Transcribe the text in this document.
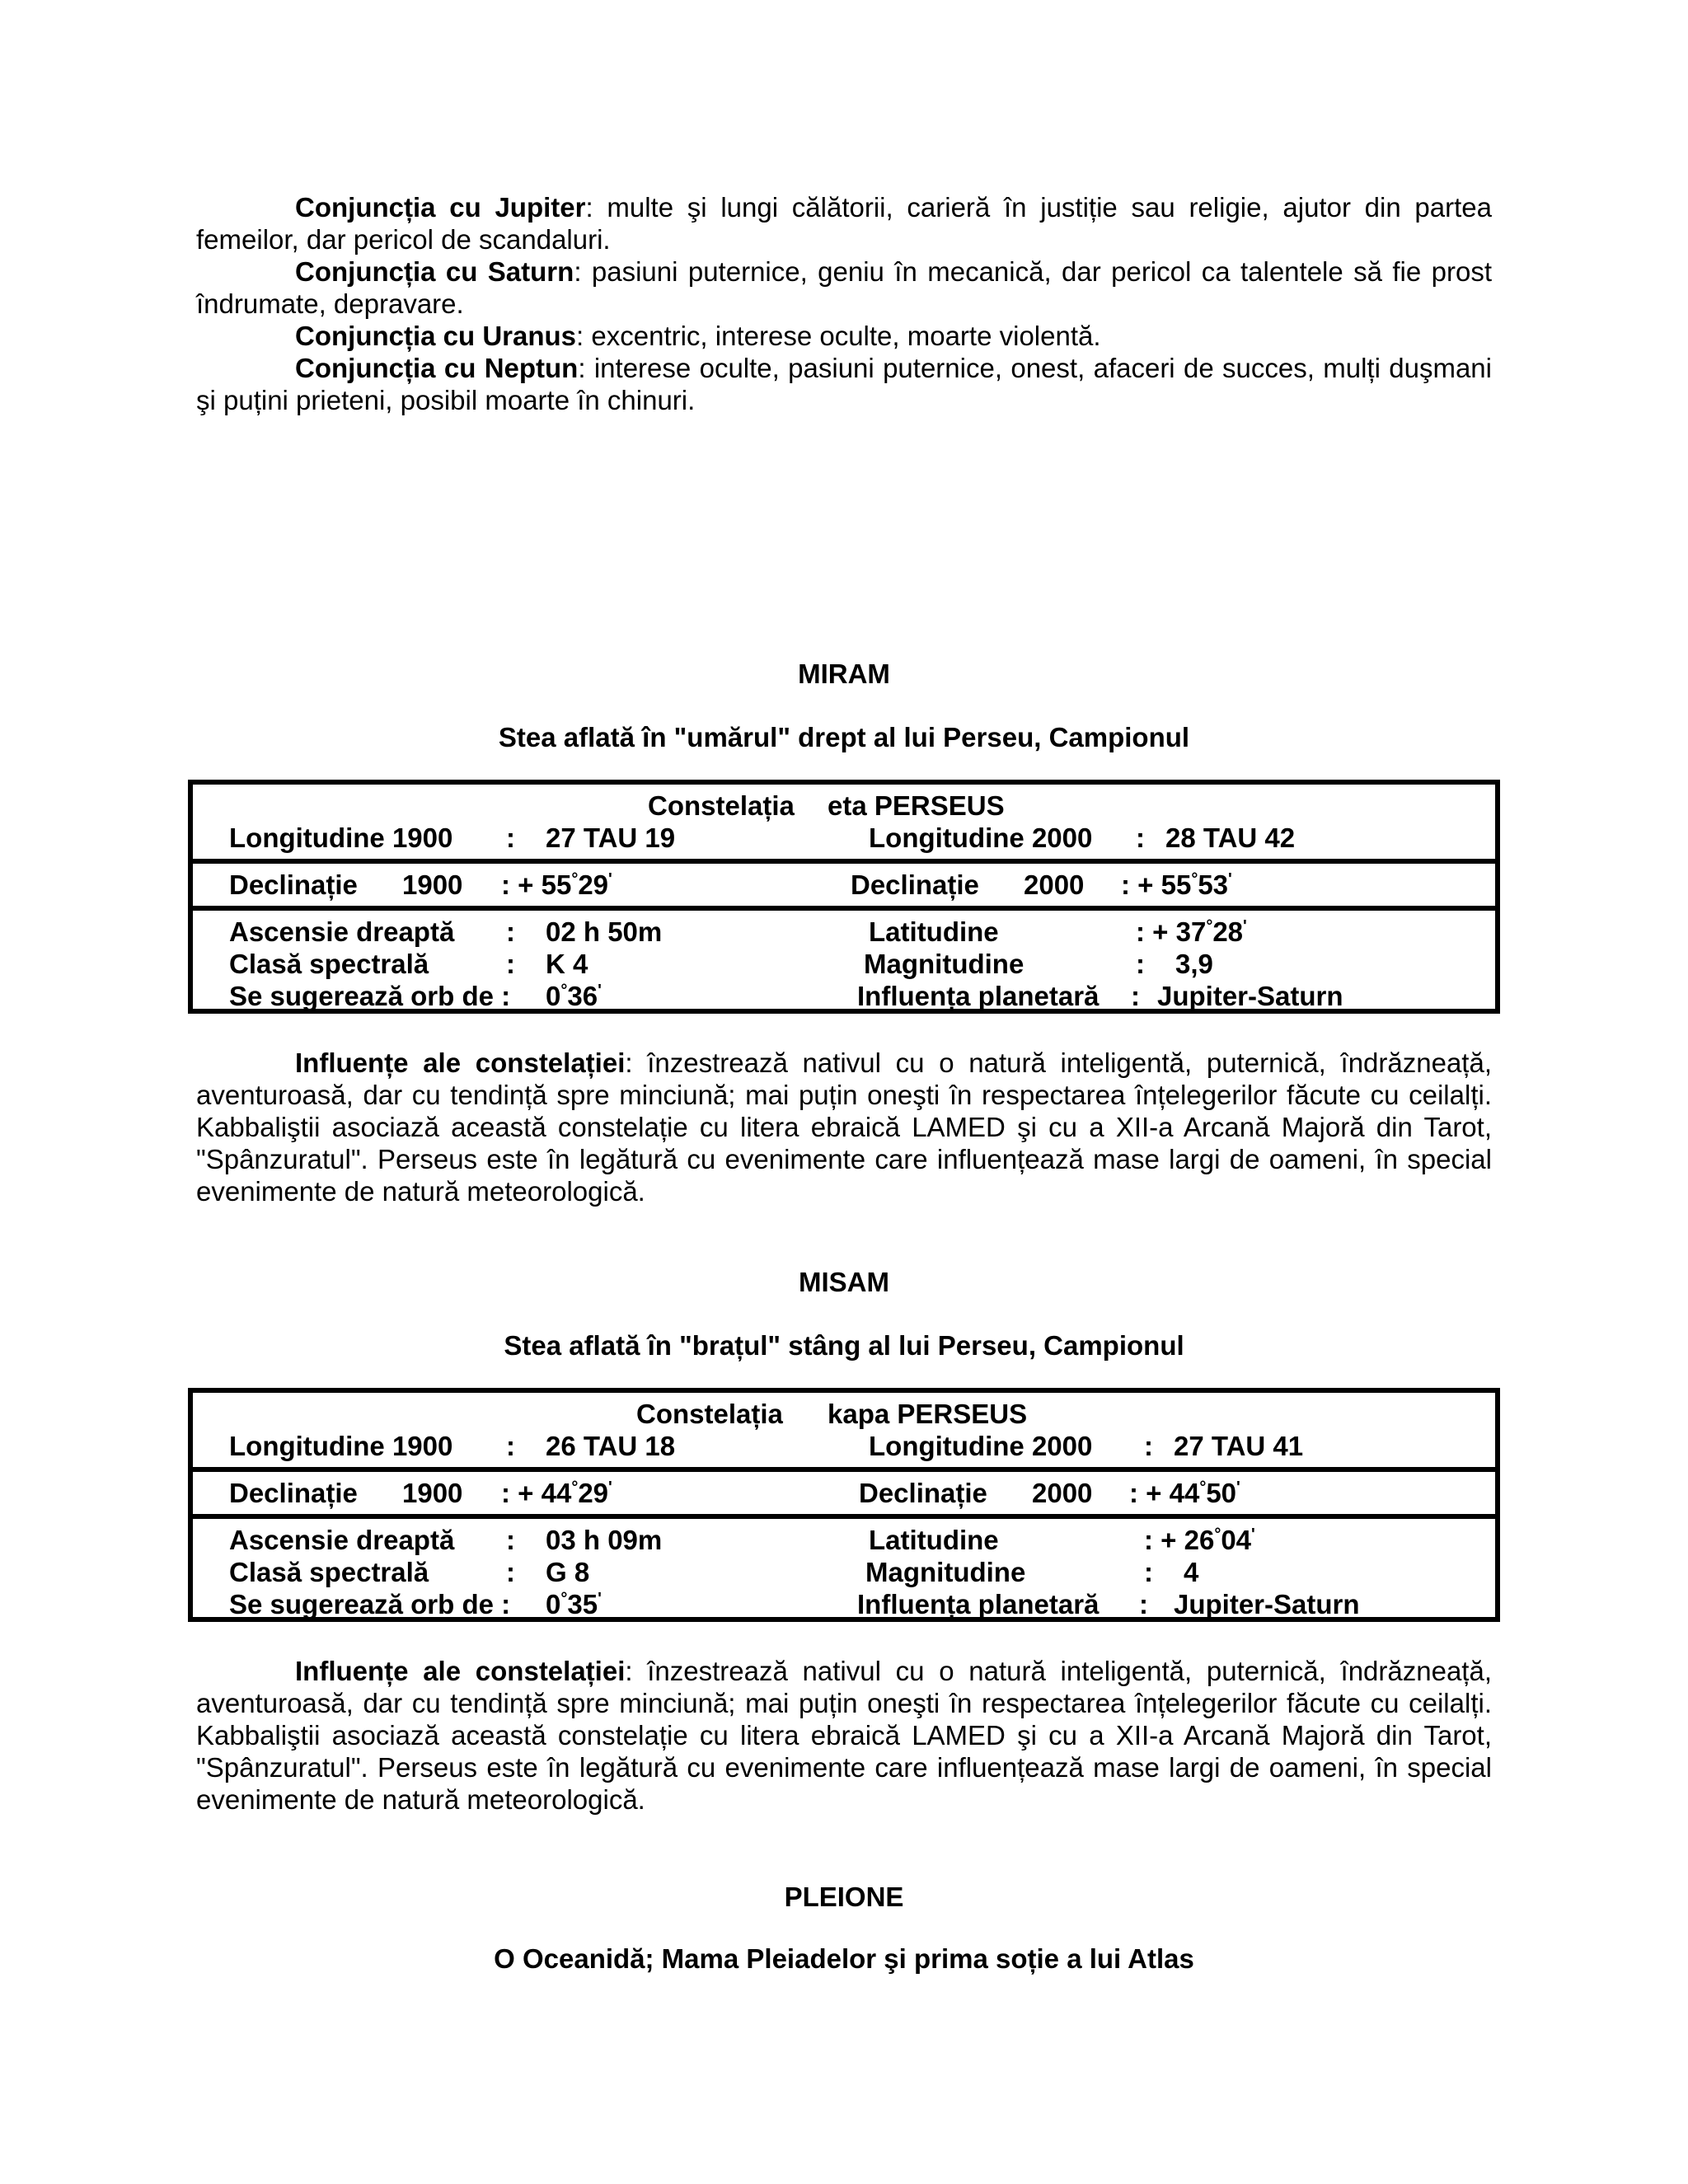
Conjuncția cu Jupiter: multe şi lungi călătorii, carieră în justiție sau religie, ajutor din partea femeilor, dar pericol de scandaluri.

Conjuncția cu Saturn: pasiuni puternice, geniu în mecanică, dar pericol ca talentele să fie prost îndrumate, depravare.

Conjuncția cu Uranus: excentric, interese oculte, moarte violentă.

Conjuncția cu Neptun: interese oculte, pasiuni puternice, onest, afaceri de succes, mulți duşmani şi puțini prieteni, posibil moarte în chinuri.

MIRAM

Stea aflată în "umărul" drept al lui Perseu, Campionul

Constelația eta PERSEUS
Longitudine 1900 : 27 TAU 19	Longitudine 2000 : 28 TAU 42
Declinație 1900 : + 55°29'	Declinație 2000 : + 55°53'
Ascensie dreaptă : 02 h 50m	Latitudine	: + 37°28'
Clasă spectrală	: K 4	Magnitudine	: 3,9
Se sugerează orb de : 0°36'	Influența planetară : Jupiter-Saturn

Influențe ale constelației: înzestrează nativul cu o natură inteligentă, puternică, îndrăzneață, aventuroasă, dar cu tendință spre minciună; mai puțin oneşti în respectarea înțelegerilor făcute cu ceilalți. Kabbaliştii asociază această constelație cu litera ebraică LAMED şi cu a XII-a Arcană Majoră din Tarot, "Spânzuratul". Perseus este în legătură cu evenimente care influențează mase largi de oameni, în special evenimente de natură meteorologică.

MISAM

Stea aflată în "brațul" stâng al lui Perseu, Campionul

Constelația kapa PERSEUS
Longitudine 1900 : 26 TAU 18	Longitudine 2000 : 27 TAU 41
Declinație 1900 : + 44°29'	Declinație 2000 : + 44°50'
Ascensie dreaptă : 03 h 09m	Latitudine	: + 26°04'
Clasă spectrală	: G 8	Magnitudine	: 4
Se sugerează orb de : 0°35'	Influența planetară : Jupiter-Saturn

Influențe ale constelației: înzestrează nativul cu o natură inteligentă, puternică, îndrăzneață, aventuroasă, dar cu tendință spre minciună; mai puțin oneşti în respectarea înțelegerilor făcute cu ceilalți. Kabbaliştii asociază această constelație cu litera ebraică LAMED şi cu a XII-a Arcană Majoră din Tarot, "Spânzuratul". Perseus este în legătură cu evenimente care influențează mase largi de oameni, în special evenimente de natură meteorologică.

PLEIONE

O Oceanidă; Mama Pleiadelor şi prima soție a lui Atlas
